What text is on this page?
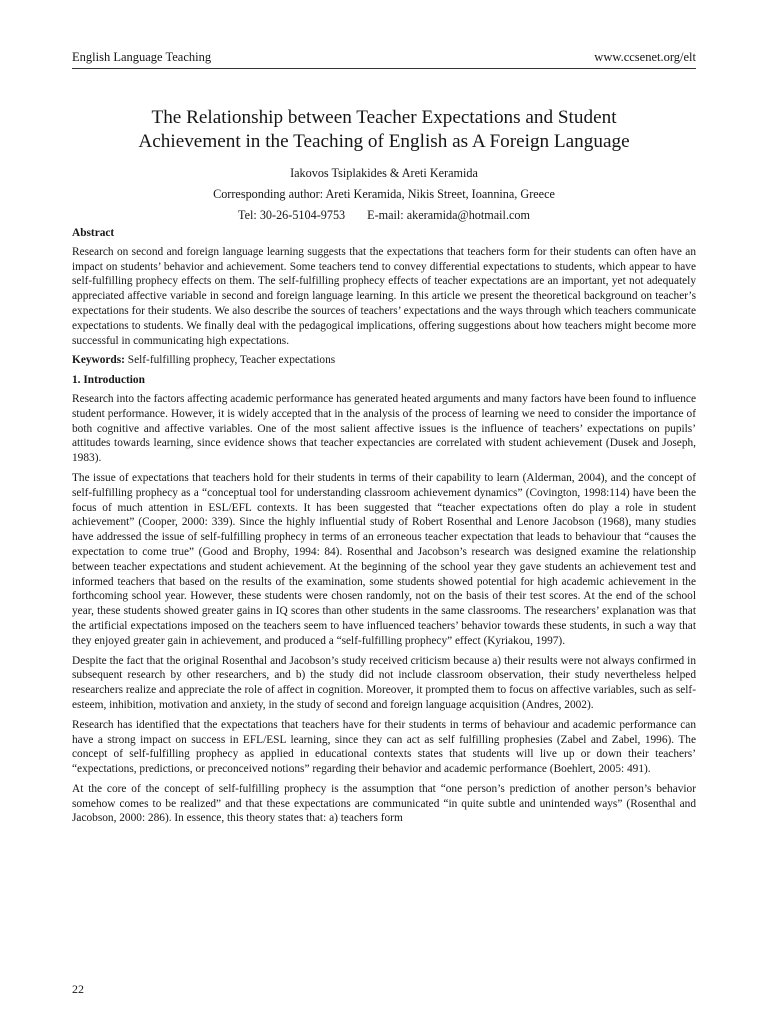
English Language Teaching	www.ccsenet.org/elt
The Relationship between Teacher Expectations and Student
Achievement in the Teaching of English as A Foreign Language
Iakovos Tsiplakides & Areti Keramida
Corresponding author: Areti Keramida, Nikis Street, Ioannina, Greece
Tel: 30-26-5104-9753 E-mail: akeramida@hotmail.com
Abstract
Research on second and foreign language learning suggests that the expectations that teachers form for their students can often have an impact on students’ behavior and achievement. Some teachers tend to convey differential expectations to students, which appear to have self-fulfilling prophecy effects on them. The self-fulfilling prophecy effects of teacher expectations are an important, yet not adequately appreciated affective variable in second and foreign language learning. In this article we present the theoretical background on teacher’s expectations for their students. We also describe the sources of teachers’ expectations and the ways through which teachers communicate expectations to students. We finally deal with the pedagogical implications, offering suggestions about how teachers might become more successful in communicating high expectations.
Keywords: Self-fulfilling prophecy, Teacher expectations
1. Introduction
Research into the factors affecting academic performance has generated heated arguments and many factors have been found to influence student performance. However, it is widely accepted that in the analysis of the process of learning we need to consider the importance of both cognitive and affective variables. One of the most salient affective issues is the influence of teachers’ expectations on pupils’ attitudes towards learning, since evidence shows that teacher expectancies are correlated with student achievement (Dusek and Joseph, 1983).
The issue of expectations that teachers hold for their students in terms of their capability to learn (Alderman, 2004), and the concept of self-fulfilling prophecy as a “conceptual tool for understanding classroom achievement dynamics” (Covington, 1998:114) have been the focus of much attention in ESL/EFL contexts. It has been suggested that “teacher expectations often do play a role in student achievement” (Cooper, 2000: 339). Since the highly influential study of Robert Rosenthal and Lenore Jacobson (1968), many studies have addressed the issue of self-fulfilling prophecy in terms of an erroneous teacher expectation that leads to behaviour that “causes the expectation to come true” (Good and Brophy, 1994: 84). Rosenthal and Jacobson’s research was designed examine the relationship between teacher expectations and student achievement. At the beginning of the school year they gave students an achievement test and informed teachers that based on the results of the examination, some students showed potential for high academic achievement in the forthcoming school year. However, these students were chosen randomly, not on the basis of their test scores. At the end of the school year, these students showed greater gains in IQ scores than other students in the same classrooms. The researchers’ explanation was that the artificial expectations imposed on the teachers seem to have influenced teachers’ behavior towards these students, in such a way that they enjoyed greater gain in achievement, and produced a “self-fulfilling prophecy” effect (Kyriakou, 1997).
Despite the fact that the original Rosenthal and Jacobson’s study received criticism because a) their results were not always confirmed in subsequent research by other researchers, and b) the study did not include classroom observation, their study nevertheless helped researchers realize and appreciate the role of affect in cognition. Moreover, it prompted them to focus on affective variables, such as self-esteem, inhibition, motivation and anxiety, in the study of second and foreign language acquisition (Andres, 2002).
Research has identified that the expectations that teachers have for their students in terms of behaviour and academic performance can have a strong impact on success in EFL/ESL learning, since they can act as self fulfilling prophesies (Zabel and Zabel, 1996). The concept of self-fulfilling prophecy as applied in educational contexts states that students will live up or down their teachers’ “expectations, predictions, or preconceived notions” regarding their behavior and academic performance (Boehlert, 2005: 491).
At the core of the concept of self-fulfilling prophecy is the assumption that “one person’s prediction of another person’s behavior somehow comes to be realized” and that these expectations are communicated “in quite subtle and unintended ways” (Rosenthal and Jacobson, 2000: 286). In essence, this theory states that: a) teachers form
22
